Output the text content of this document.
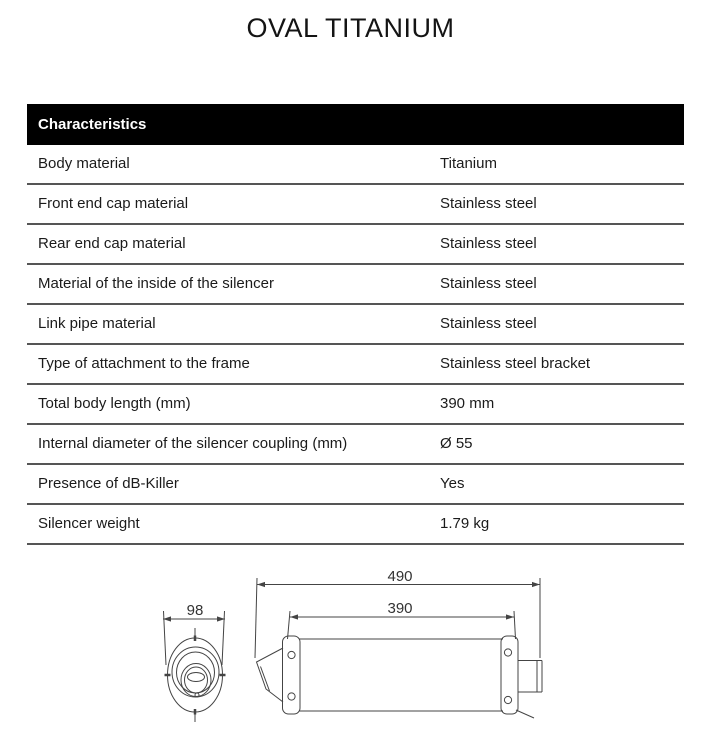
OVAL TITANIUM
Characteristics
Body material	Titanium
Front end cap material	Stainless steel
Rear end cap material	Stainless steel
Material of the inside of the silencer	Stainless steel
Link pipe material	Stainless steel
Type of attachment to the frame	Stainless steel bracket
Total body length (mm)	390 mm
Internal diameter of the silencer coupling (mm)	Ø 55
Presence of dB-Killer	Yes
Silencer weight	1.79 kg
98
490
390
